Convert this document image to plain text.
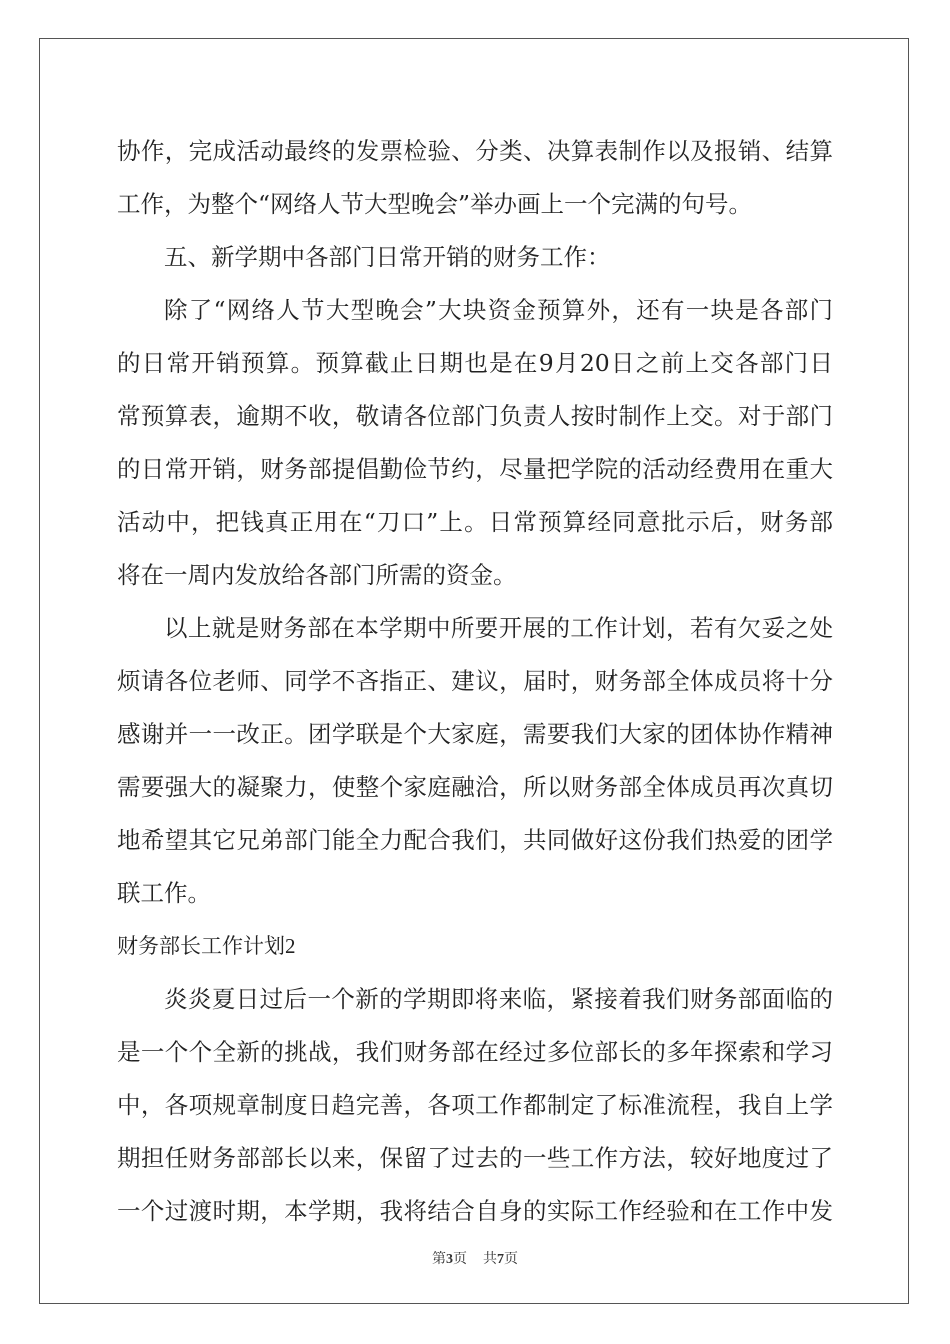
协作，完成活动最终的发票检验、分类、决算表制作以及报销、结算
工作，为整个“网络人节大型晚会”举办画上一个完满的句号。
五、新学期中各部门日常开销的财务工作：
除了“网络人节大型晚会”大块资金预算外，还有一块是各部门
的日常开销预算。预算截止日期也是在9月20日之前上交各部门日
常预算表，逾期不收，敬请各位部门负责人按时制作上交。对于部门
的日常开销，财务部提倡勤俭节约，尽量把学院的活动经费用在重大
活动中，把钱真正用在“刀口”上。日常预算经同意批示后，财务部
将在一周内发放给各部门所需的资金。
以上就是财务部在本学期中所要开展的工作计划，若有欠妥之处
烦请各位老师、同学不吝指正、建议，届时，财务部全体成员将十分
感谢并一一改正。团学联是个大家庭，需要我们大家的团体协作精神
需要强大的凝聚力，使整个家庭融洽，所以财务部全体成员再次真切
地希望其它兄弟部门能全力配合我们，共同做好这份我们热爱的团学
联工作。
财务部长工作计划2
炎炎夏日过后一个新的学期即将来临，紧接着我们财务部面临的
是一个个全新的挑战，我们财务部在经过多位部长的多年探索和学习
中，各项规章制度日趋完善，各项工作都制定了标准流程，我自上学
期担任财务部部长以来，保留了过去的一些工作方法，较好地度过了
一个过渡时期，本学期，我将结合自身的实际工作经验和在工作中发
第3页 共7页
